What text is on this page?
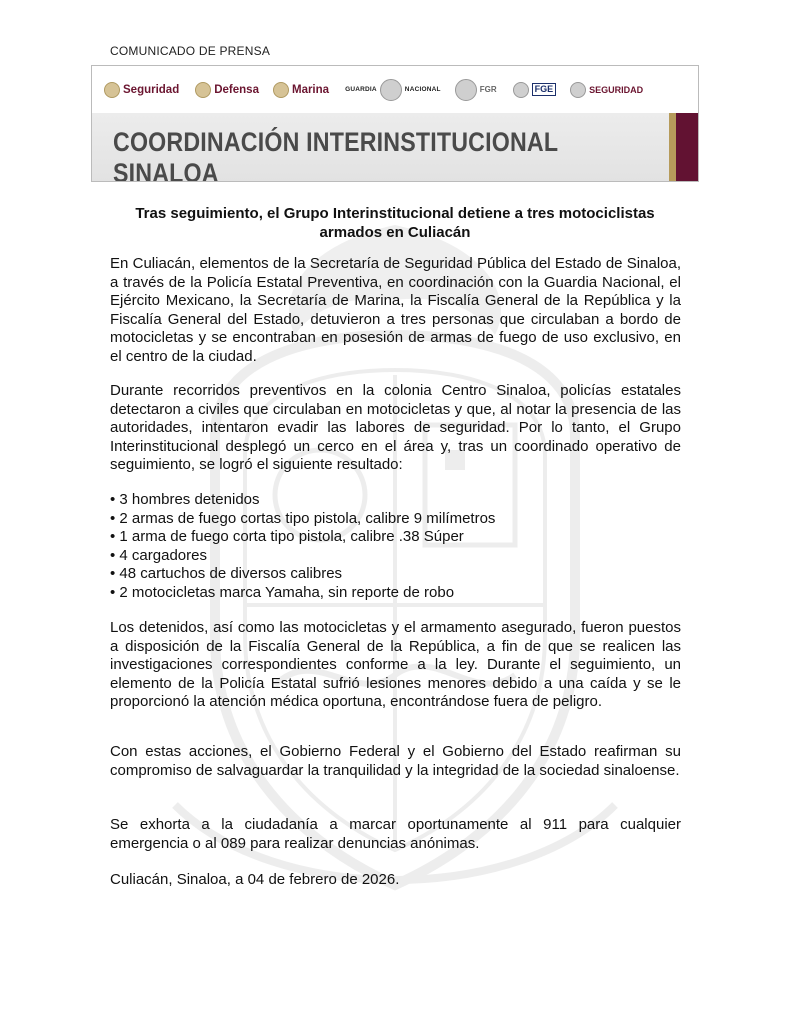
COMUNICADO DE PRENSA
Seguridad	Defensa	Marina GUARDIA	NACIONAL	FGR	FGE	SEGURIDAD
COORDINACIÓN INTERINSTITUCIONAL SINALOA
Tras seguimiento, el Grupo Interinstitucional detiene a tres motociclistas armados en Culiacán

En Culiacán, elementos de la Secretaría de Seguridad Pública del Estado de Sinaloa, a través de la Policía Estatal Preventiva, en coordinación con la Guardia Nacional, el Ejército Mexicano, la Secretaría de Marina, la Fiscalía General de la República y la Fiscalía General del Estado, detuvieron a tres personas que circulaban a bordo de motocicletas y se encontraban en posesión de armas de fuego de uso exclusivo, en el centro de la ciudad.

Durante recorridos preventivos en la colonia Centro Sinaloa, policías estatales detectaron a civiles que circulaban en motocicletas y que, al notar la presencia de las autoridades, intentaron evadir las labores de seguridad. Por lo tanto, el Grupo Interinstitucional desplegó un cerco en el área y, tras un coordinado operativo de seguimiento, se logró el siguiente resultado:

• 3 hombres detenidos
• 2 armas de fuego cortas tipo pistola, calibre 9 milímetros
• 1 arma de fuego corta tipo pistola, calibre .38 Súper
• 4 cargadores
• 48 cartuchos de diversos calibres
• 2 motocicletas marca Yamaha, sin reporte de robo

Los detenidos, así como las motocicletas y el armamento asegurado, fueron puestos a disposición de la Fiscalía General de la República, a fin de que se realicen las investigaciones correspondientes conforme a la ley. Durante el seguimiento, un elemento de la Policía Estatal sufrió lesiones menores debido a una caída y se le proporcionó la atención médica oportuna, encontrándose fuera de peligro.

Con estas acciones, el Gobierno Federal y el Gobierno del Estado reafirman su compromiso de salvaguardar la tranquilidad y la integridad de la sociedad sinaloense.

Se exhorta a la ciudadanía a marcar oportunamente al 911 para cualquier emergencia o al 089 para realizar denuncias anónimas.

Culiacán, Sinaloa, a 04 de febrero de 2026.
